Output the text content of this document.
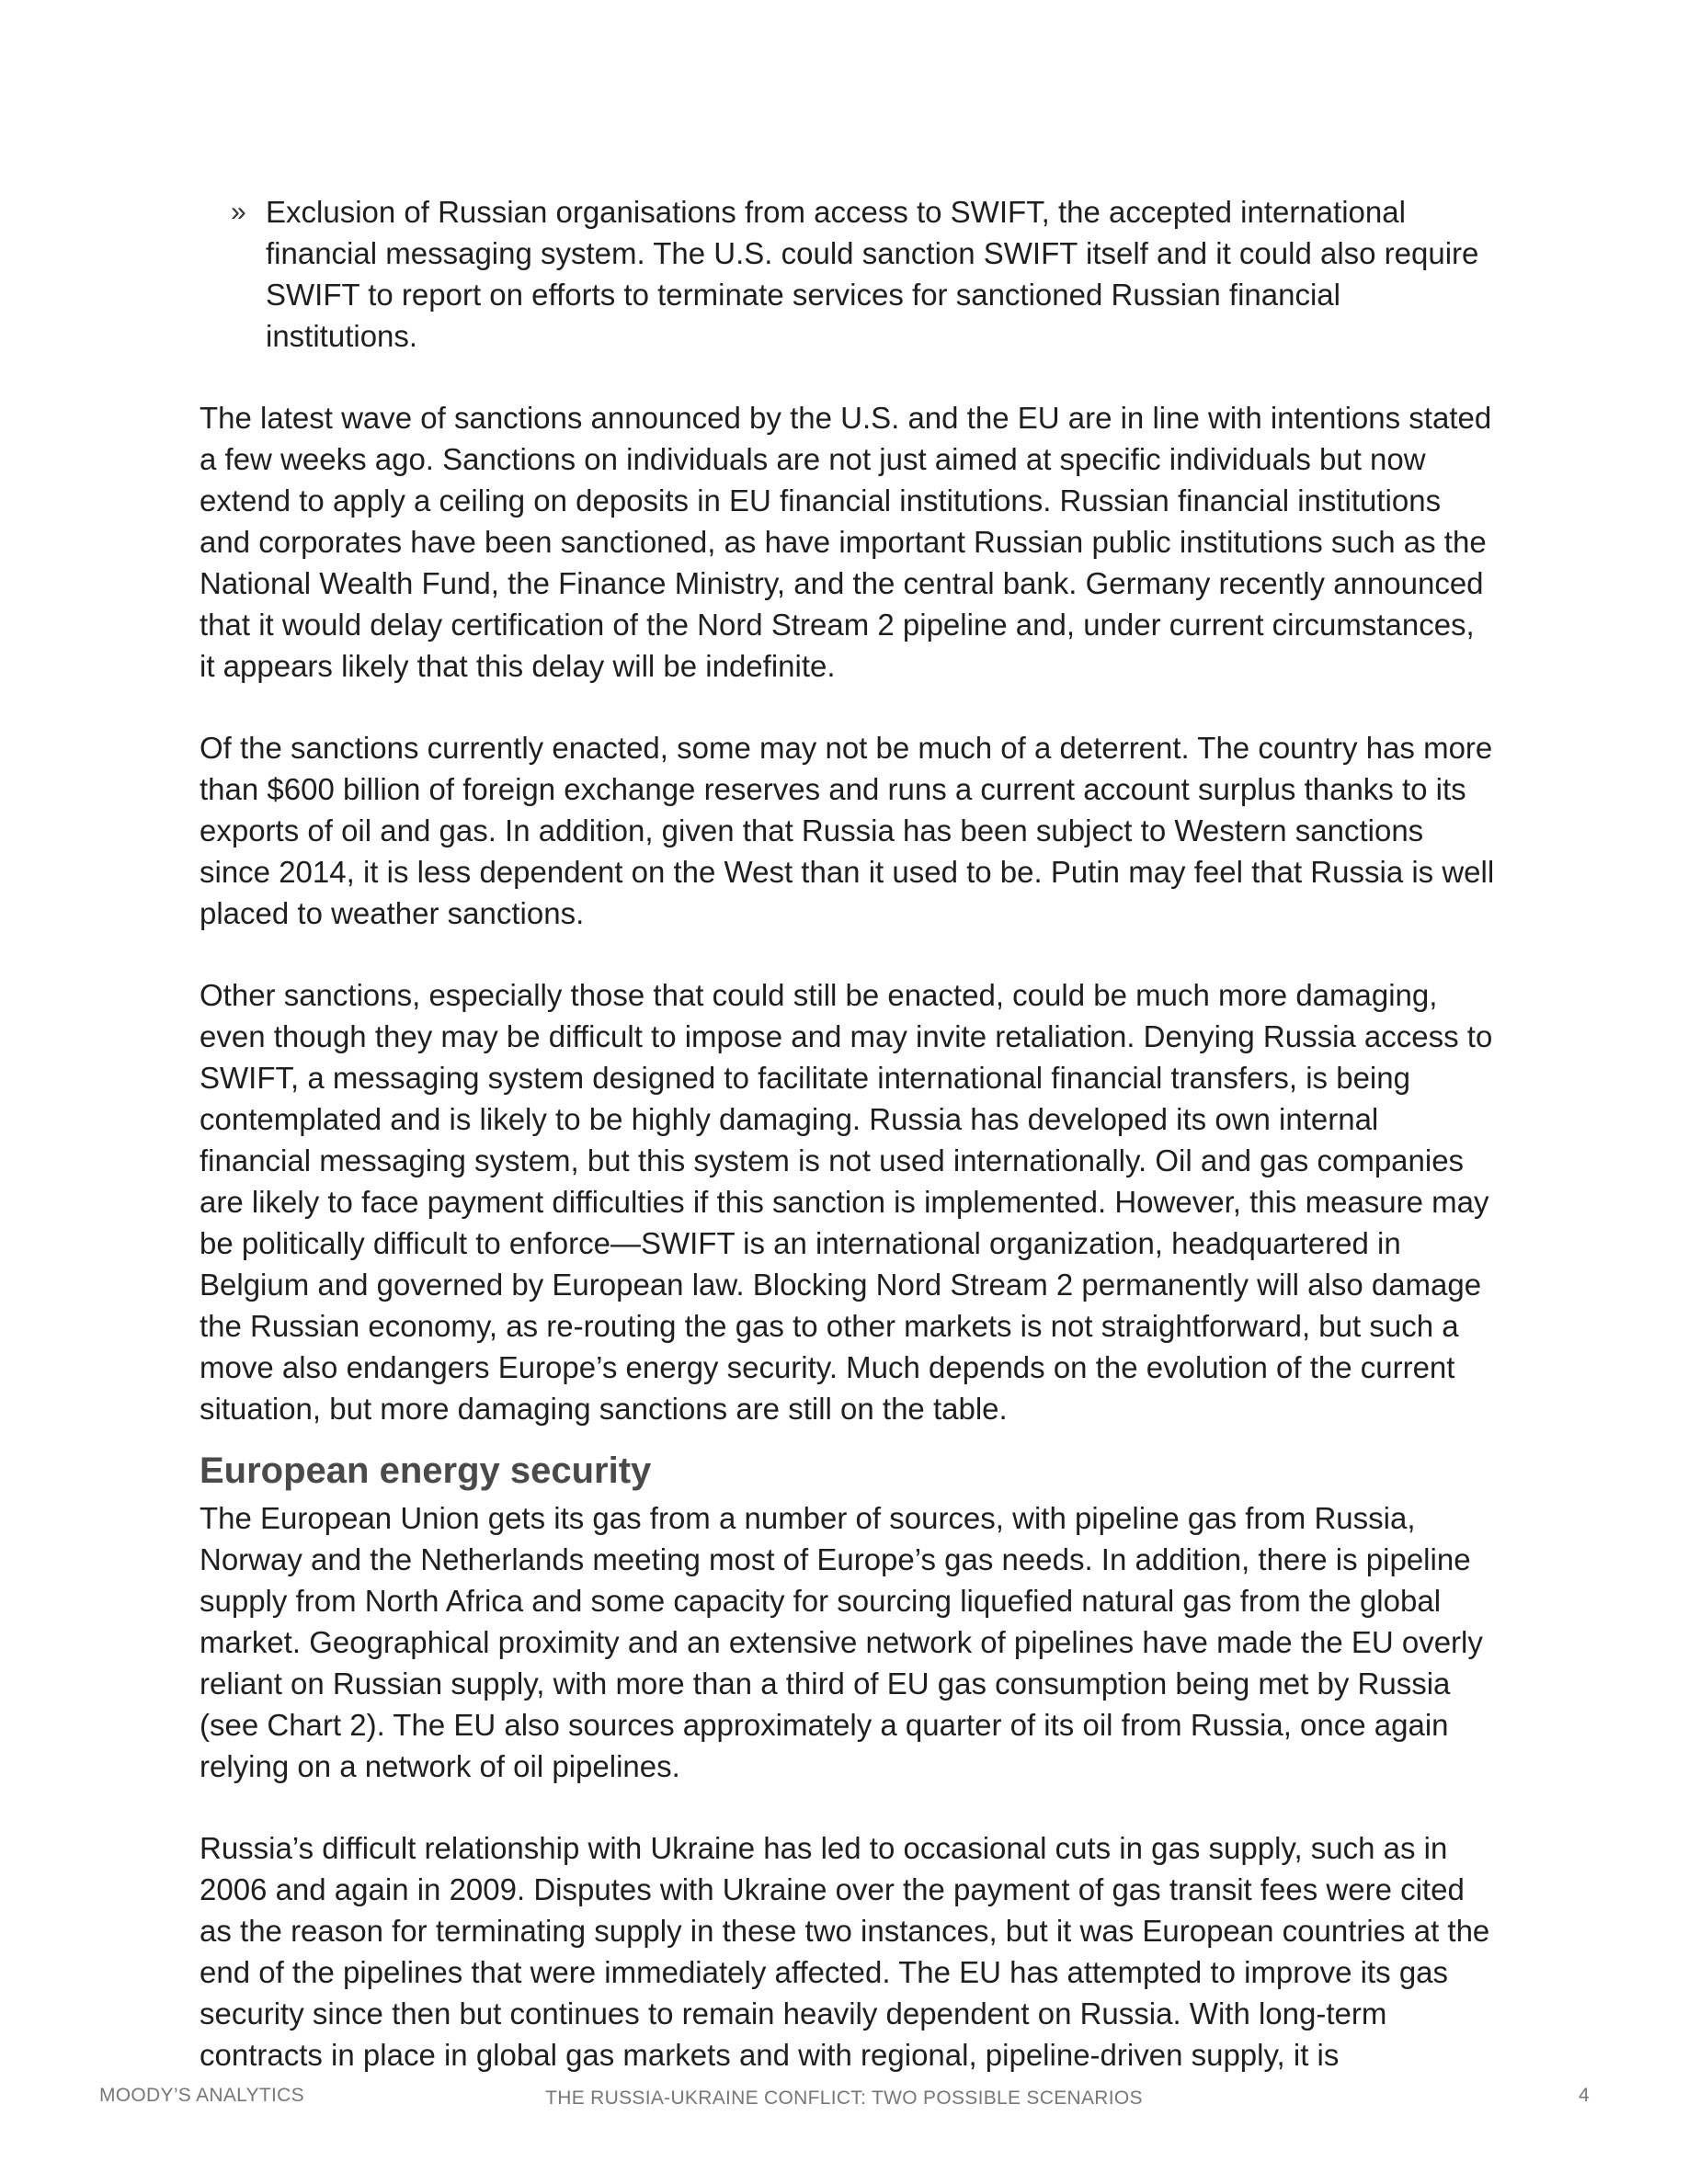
» Exclusion of Russian organisations from access to SWIFT, the accepted international financial messaging system. The U.S. could sanction SWIFT itself and it could also require SWIFT to report on efforts to terminate services for sanctioned Russian financial institutions.

The latest wave of sanctions announced by the U.S. and the EU are in line with intentions stated a few weeks ago. Sanctions on individuals are not just aimed at specific individuals but now extend to apply a ceiling on deposits in EU financial institutions. Russian financial institutions and corporates have been sanctioned, as have important Russian public institutions such as the National Wealth Fund, the Finance Ministry, and the central bank. Germany recently announced that it would delay certification of the Nord Stream 2 pipeline and, under current circumstances, it appears likely that this delay will be indefinite.

Of the sanctions currently enacted, some may not be much of a deterrent. The country has more than $600 billion of foreign exchange reserves and runs a current account surplus thanks to its exports of oil and gas. In addition, given that Russia has been subject to Western sanctions since 2014, it is less dependent on the West than it used to be. Putin may feel that Russia is well placed to weather sanctions.

Other sanctions, especially those that could still be enacted, could be much more damaging, even though they may be difficult to impose and may invite retaliation. Denying Russia access to SWIFT, a messaging system designed to facilitate international financial transfers, is being contemplated and is likely to be highly damaging. Russia has developed its own internal financial messaging system, but this system is not used internationally. Oil and gas companies are likely to face payment difficulties if this sanction is implemented. However, this measure may be politically difficult to enforce—SWIFT is an international organization, headquartered in Belgium and governed by European law. Blocking Nord Stream 2 permanently will also damage the Russian economy, as re-routing the gas to other markets is not straightforward, but such a move also endangers Europe’s energy security. Much depends on the evolution of the current situation, but more damaging sanctions are still on the table.

European energy security

The European Union gets its gas from a number of sources, with pipeline gas from Russia, Norway and the Netherlands meeting most of Europe’s gas needs. In addition, there is pipeline supply from North Africa and some capacity for sourcing liquefied natural gas from the global market. Geographical proximity and an extensive network of pipelines have made the EU overly reliant on Russian supply, with more than a third of EU gas consumption being met by Russia (see Chart 2). The EU also sources approximately a quarter of its oil from Russia, once again relying on a network of oil pipelines.

Russia’s difficult relationship with Ukraine has led to occasional cuts in gas supply, such as in 2006 and again in 2009. Disputes with Ukraine over the payment of gas transit fees were cited as the reason for terminating supply in these two instances, but it was European countries at the end of the pipelines that were immediately affected. The EU has attempted to improve its gas security since then but continues to remain heavily dependent on Russia. With long-term contracts in place in global gas markets and with regional, pipeline-driven supply, it is

MOODY’S ANALYTICS	THE RUSSIA-UKRAINE CONFLICT: TWO POSSIBLE SCENARIOS	4
